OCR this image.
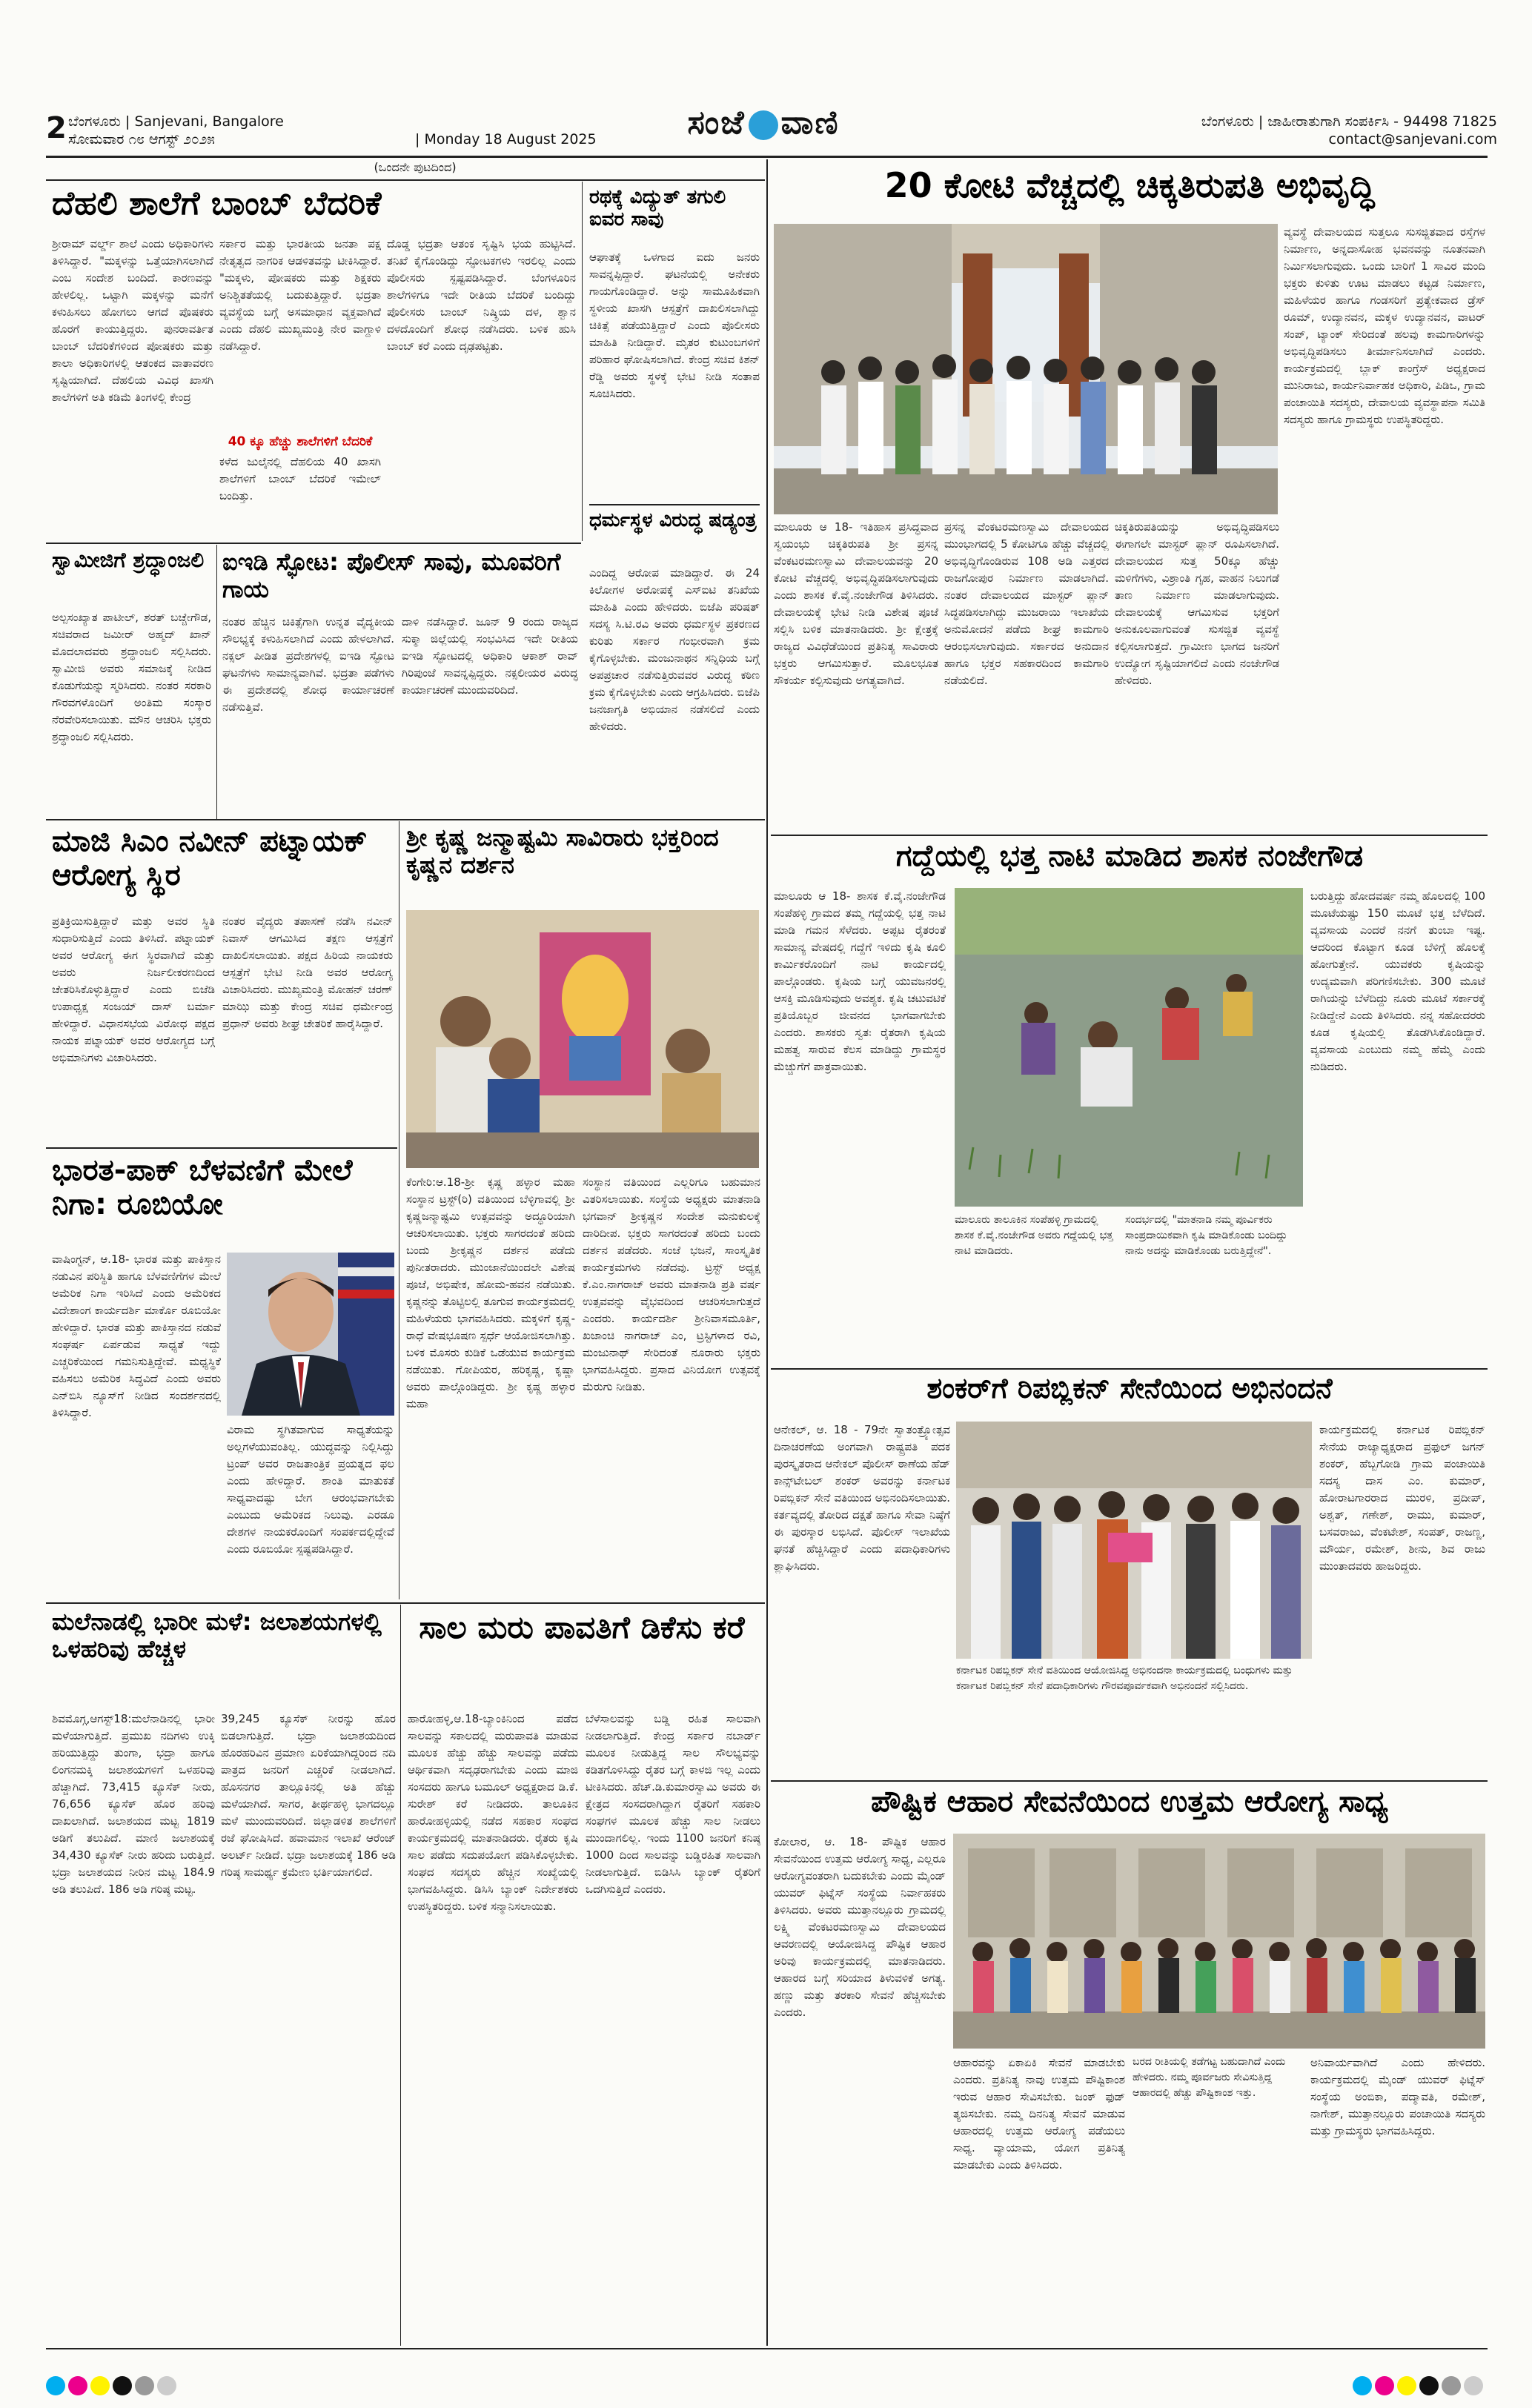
2 ಬೆಂಗಳೂರು | Sanjevani, Bangalore
ಸೋಮವಾರ ೧೮ ಆಗಸ್ಟ್ ೨೦೨೫	| Monday 18 August 2025	ಸಂಜೆ ವಾಣಿ	ಬೆಂಗಳೂರು | ಜಾಹೀರಾತುಗಾಗಿ ಸಂಪರ್ಕಿಸಿ - 94498 71825
contact@sanjevani.com
(ಒಂದನೇ ಪುಟದಿಂದ)
ದೆಹಲಿ ಶಾಲೆಗೆ ಬಾಂಬ್ ಬೆದರಿಕೆ
ಶ್ರೀರಾಮ್ ವರ್ಲ್ಡ್ ಶಾಲೆ ಎಂದು ಅಧಿಕಾರಿಗಳು ತಿಳಿಸಿದ್ದಾರೆ. "ಮಕ್ಕಳನ್ನು ಒತ್ತೆಯಾಗಿಸಲಾಗಿದೆ ಎಂಬ ಸಂದೇಶ ಬಂದಿದೆ. ಕಾರಣವನ್ನು ಹೇಳಲಿಲ್ಲ. ಒಟ್ಟಾಗಿ ಮಕ್ಕಳನ್ನು ಮನೆಗೆ ಕಳುಹಿಸಲು ಹೋಗಲು ಆಗದೆ ಪೊಷಕರು ಹೊರಗೆ ಕಾಯುತ್ತಿದ್ದರು. ಪುನರಾವರ್ತಿತ ಬಾಂಬ್ ಬೆದರಿಕೆಗಳಿಂದ ಪೋಷಕರು ಮತ್ತು ಶಾಲಾ ಅಧಿಕಾರಿಗಳಲ್ಲಿ ಆತಂಕದ ವಾತಾವರಣ ಸೃಷ್ಟಿಯಾಗಿದೆ. ದೆಹಲಿಯ ವಿವಿಧ ಖಾಸಗಿ ಶಾಲೆಗಳಿಗೆ ಅತಿ ಕಡಿಮೆ ತಿಂಗಳಲ್ಲಿ ಕೇಂದ್ರ
ಸರ್ಕಾರ ಮತ್ತು ಭಾರತೀಯ ಜನತಾ ಪಕ್ಷ ನೇತೃತ್ವದ ನಾಗರಿಕ ಆಡಳಿತವನ್ನು ಟೀಕಿಸಿದ್ದಾರೆ. "ಮಕ್ಕಳು, ಪೋಷಕರು ಮತ್ತು ಶಿಕ್ಷಕರು ಅನಿಶ್ಚಿತತೆಯಲ್ಲಿ ಬದುಕುತ್ತಿದ್ದಾರೆ. ಭದ್ರತಾ ವ್ಯವಸ್ಥೆಯ ಬಗ್ಗೆ ಅಸಮಾಧಾನ ವ್ಯಕ್ತವಾಗಿದೆ ಎಂದು ದೆಹಲಿ ಮುಖ್ಯಮಂತ್ರಿ ನೇರ ವಾಗ್ದಾಳಿ ನಡೆಸಿದ್ದಾರೆ.
40 ಕ್ಕೂ ಹೆಚ್ಚು ಶಾಲೆಗಳಿಗೆ ಬೆದರಿಕೆ
ಕಳೆದ ಜುಲೈನಲ್ಲಿ ದೆಹಲಿಯ 40 ಖಾಸಗಿ ಶಾಲೆಗಳಿಗೆ ಬಾಂಬ್ ಬೆದರಿಕೆ ಇಮೇಲ್ ಬಂದಿತ್ತು.
ದೊಡ್ಡ ಭದ್ರತಾ ಆತಂಕ ಸೃಷ್ಟಿಸಿ ಭಯ ಹುಟ್ಟಿಸಿದೆ. ತನಿಖೆ ಕೈಗೊಂಡಿದ್ದು ಸ್ಫೋಟಕಗಳು ಇರಲಿಲ್ಲ ಎಂದು ಪೊಲೀಸರು ಸ್ಪಷ್ಟಪಡಿಸಿದ್ದಾರೆ. ಬೆಂಗಳೂರಿನ ಶಾಲೆಗಳಿಗೂ ಇದೇ ರೀತಿಯ ಬೆದರಿಕೆ ಬಂದಿದ್ದು ಪೊಲೀಸರು ಬಾಂಬ್ ನಿಷ್ಕ್ರಿಯ ದಳ, ಶ್ವಾನ ದಳದೊಂದಿಗೆ ಶೋಧ ನಡೆಸಿದರು. ಬಳಿಕ ಹುಸಿ ಬಾಂಬ್ ಕರೆ ಎಂದು ದೃಢಪಟ್ಟಿತು.
ರಥಕ್ಕೆ ವಿದ್ಯುತ್ ತಗುಲಿ ಐವರ ಸಾವು
ಆಘಾತಕ್ಕೆ ಒಳಗಾದ ಐದು ಜನರು ಸಾವನ್ನಪ್ಪಿದ್ದಾರೆ. ಘಟನೆಯಲ್ಲಿ ಅನೇಕರು ಗಾಯಗೊಂಡಿದ್ದಾರೆ. ಅನ್ನು ಸಾಮೂಹಿಕವಾಗಿ ಸ್ಥಳೀಯ ಖಾಸಗಿ ಆಸ್ಪತ್ರೆಗೆ ದಾಖಲಿಸಲಾಗಿದ್ದು ಚಿಕಿತ್ಸೆ ಪಡೆಯುತ್ತಿದ್ದಾರೆ ಎಂದು ಪೊಲೀಸರು ಮಾಹಿತಿ ನೀಡಿದ್ದಾರೆ. ಮೃತರ ಕುಟುಂಬಗಳಿಗೆ ಪರಿಹಾರ ಘೋಷಿಸಲಾಗಿದೆ. ಕೇಂದ್ರ ಸಚಿವ ಕಿಶನ್ ರೆಡ್ಡಿ ಅವರು ಸ್ಥಳಕ್ಕೆ ಭೇಟಿ ನೀಡಿ ಸಂತಾಪ ಸೂಚಿಸಿದರು.
ಧರ್ಮಸ್ಥಳ ವಿರುದ್ಧ ಷಡ್ಯಂತ್ರ
ಎಂದಿದ್ದ ಆರೋಪ ಮಾಡಿದ್ದಾರೆ. ಈ 24 ಕಿಲೋಗಳ ಅರೋಪಕ್ಕೆ ಎಸ್‌ಐಟಿ ತನಿಖೆಯ ಮಾಹಿತಿ ಎಂದು ಹೇಳಿದರು. ಬಿಜೆಪಿ ಪರಿಷತ್ ಸದಸ್ಯ ಸಿ.ಟಿ.ರವಿ ಅವರು ಧರ್ಮಸ್ಥಳ ಪ್ರಕರಣದ ಕುರಿತು ಸರ್ಕಾರ ಗಂಭೀರವಾಗಿ ಕ್ರಮ ಕೈಗೊಳ್ಳಬೇಕು. ಮಂಜುನಾಥನ ಸನ್ನಿಧಿಯ ಬಗ್ಗೆ ಅಪಪ್ರಚಾರ ನಡೆಸುತ್ತಿರುವವರ ವಿರುದ್ಧ ಕಠಿಣ ಕ್ರಮ ಕೈಗೊಳ್ಳಬೇಕು ಎಂದು ಆಗ್ರಹಿಸಿದರು. ಬಿಜೆಪಿ ಜನಜಾಗೃತಿ ಅಭಿಯಾನ ನಡೆಸಲಿದೆ ಎಂದು ಹೇಳಿದರು.
ಸ್ವಾಮೀಜಿಗೆ ಶ್ರದ್ಧಾಂಜಲಿ
ಅಲ್ಪಸಂಖ್ಯಾತ ಪಾಟೀಲ್, ಶರತ್ ಬಚ್ಚೇಗೌಡ, ಸಚಿವರಾದ ಜಮೀರ್ ಅಹ್ಮದ್ ಖಾನ್ ಮೊದಲಾದವರು ಶ್ರದ್ಧಾಂಜಲಿ ಸಲ್ಲಿಸಿದರು. ಸ್ವಾಮೀಜಿ ಅವರು ಸಮಾಜಕ್ಕೆ ನೀಡಿದ ಕೊಡುಗೆಯನ್ನು ಸ್ಮರಿಸಿದರು. ನಂತರ ಸರಕಾರಿ ಗೌರವಗಳೊಂದಿಗೆ ಅಂತಿಮ ಸಂಸ್ಕಾರ ನೆರವೇರಿಸಲಾಯಿತು. ಮೌನ ಆಚರಿಸಿ ಭಕ್ತರು ಶ್ರದ್ಧಾಂಜಲಿ ಸಲ್ಲಿಸಿದರು.
ಐಇಡಿ ಸ್ಫೋಟ: ಪೊಲೀಸ್ ಸಾವು, ಮೂವರಿಗೆ ಗಾಯ
ನಂತರ ಹೆಚ್ಚಿನ ಚಿಕಿತ್ಸೆಗಾಗಿ ಉನ್ನತ ವೈದ್ಯಕೀಯ ಸೌಲಭ್ಯಕ್ಕೆ ಕಳುಹಿಸಲಾಗಿದೆ ಎಂದು ಹೇಳಲಾಗಿದೆ. ನಕ್ಸಲ್ ಪೀಡಿತ ಪ್ರದೇಶಗಳಲ್ಲಿ ಐಇಡಿ ಸ್ಫೋಟ ಘಟನೆಗಳು ಸಾಮಾನ್ಯವಾಗಿವೆ. ಭದ್ರತಾ ಪಡೆಗಳು ಈ ಪ್ರದೇಶದಲ್ಲಿ ಶೋಧ ಕಾರ್ಯಾಚರಣೆ ನಡೆಸುತ್ತಿವೆ.
ದಾಳಿ ನಡೆಸಿದ್ದಾರೆ. ಜೂನ್ 9 ರಂದು ರಾಜ್ಯದ ಸುಕ್ಮಾ ಜಿಲ್ಲೆಯಲ್ಲಿ ಸಂಭವಿಸಿದ ಇದೇ ರೀತಿಯ ಐಇಡಿ ಸ್ಫೋಟದಲ್ಲಿ ಅಧಿಕಾರಿ ಆಕಾಶ್ ರಾವ್ ಗಿರಿಪುಂಜೆ ಸಾವನ್ನಪ್ಪಿದ್ದರು. ನಕ್ಸಲೀಯರ ವಿರುದ್ಧ ಕಾರ್ಯಾಚರಣೆ ಮುಂದುವರಿದಿದೆ.
ಮಾಜಿ ಸಿಎಂ ನವೀನ್ ಪಟ್ನಾಯಕ್ ಆರೋಗ್ಯ ಸ್ಥಿರ
ಪ್ರತಿಕ್ರಿಯಿಸುತ್ತಿದ್ದಾರೆ ಮತ್ತು ಅವರ ಸ್ಥಿತಿ ಸುಧಾರಿಸುತ್ತಿದೆ ಎಂದು ತಿಳಿಸಿದೆ. ಪಟ್ನಾಯಕ್ ಅವರ ಆರೋಗ್ಯ ಈಗ ಸ್ಥಿರವಾಗಿದೆ ಮತ್ತು ಅವರು ನಿರ್ಜಲೀಕರಣದಿಂದ ಚೇತರಿಸಿಕೊಳ್ಳುತ್ತಿದ್ದಾರೆ ಎಂದು ಬಿಜೆಡಿ ಉಪಾಧ್ಯಕ್ಷ ಸಂಜಯ್ ದಾಸ್ ಬರ್ಮಾ ಹೇಳಿದ್ದಾರೆ. ವಿಧಾನಸಭೆಯ ವಿರೋಧ ಪಕ್ಷದ ನಾಯಕ ಪಟ್ನಾಯಕ್ ಅವರ ಆರೋಗ್ಯದ ಬಗ್ಗೆ ಅಭಿಮಾನಿಗಳು ವಿಚಾರಿಸಿದರು.
ನಂತರ ವೈದ್ಯರು ತಪಾಸಣೆ ನಡೆಸಿ ನವೀನ್ ನಿವಾಸ್ ಆಗಮಿಸಿದ ತಕ್ಷಣ ಆಸ್ಪತ್ರೆಗೆ ದಾಖಲಿಸಲಾಯಿತು. ಪಕ್ಷದ ಹಿರಿಯ ನಾಯಕರು ಆಸ್ಪತ್ರೆಗೆ ಭೇಟಿ ನೀಡಿ ಅವರ ಆರೋಗ್ಯ ವಿಚಾರಿಸಿದರು. ಮುಖ್ಯಮಂತ್ರಿ ಮೋಹನ್ ಚರಣ್ ಮಾಝಿ ಮತ್ತು ಕೇಂದ್ರ ಸಚಿವ ಧರ್ಮೇಂದ್ರ ಪ್ರಧಾನ್ ಅವರು ಶೀಘ್ರ ಚೇತರಿಕೆ ಹಾರೈಸಿದ್ದಾರೆ.
ಶ್ರೀ ಕೃಷ್ಣ ಜನ್ಮಾಷ್ಟಮಿ ಸಾವಿರಾರು ಭಕ್ತರಿಂದ ಕೃಷ್ಣನ ದರ್ಶನ
ಕೆಂಗೇರಿ:ಆ.18-ಶ್ರೀ ಕೃಷ್ಣ ಹಳ್ಳಾರ ಮಹಾ ಸಂಸ್ಥಾನ ಟ್ರಸ್ಟ್(ರಿ) ವತಿಯಿಂದ ಬೆಳ್ಳಿಗಾವಲ್ಲಿ ಶ್ರೀ ಕೃಷ್ಣಜನ್ಮಾಷ್ಟಮಿ ಉತ್ಸವವನ್ನು ಅದ್ಧೂರಿಯಾಗಿ ಆಚರಿಸಲಾಯಿತು. ಭಕ್ತರು ಸಾಗರದಂತೆ ಹರಿದು ಬಂದು ಶ್ರೀಕೃಷ್ಣನ ದರ್ಶನ ಪಡೆದು ಪುನೀತರಾದರು. ಮುಂಜಾನೆಯಿಂದಲೇ ವಿಶೇಷ ಪೂಜೆ, ಅಭಿಷೇಕ, ಹೋಮ-ಹವನ ನಡೆಯಿತು. ಕೃಷ್ಣನನ್ನು ತೊಟ್ಟಿಲಲ್ಲಿ ತೂಗುವ ಕಾರ್ಯಕ್ರಮದಲ್ಲಿ ಮಹಿಳೆಯರು ಭಾಗವಹಿಸಿದರು. ಮಕ್ಕಳಿಗೆ ಕೃಷ್ಣ-ರಾಧೆ ವೇಷಭೂಷಣ ಸ್ಪರ್ಧೆ ಆಯೋಜಿಸಲಾಗಿತ್ತು. ಬಳಿಕ ಮೊಸರು ಕುಡಿಕೆ ಒಡೆಯುವ ಕಾರ್ಯಕ್ರಮ ನಡೆಯಿತು. ಗೋಪಿಯರ, ಹರಿಕೃಷ್ಣ, ಕೃಷ್ಣಾ ಅವರು ಪಾಲ್ಗೊಂಡಿದ್ದರು. ಶ್ರೀ ಕೃಷ್ಣ ಹಳ್ಳಾರ ಮಹಾ
ಸಂಸ್ಥಾನ ವತಿಯಿಂದ ಎಲ್ಲರಿಗೂ ಬಹುಮಾನ ವಿತರಿಸಲಾಯಿತು. ಸಂಸ್ಥೆಯ ಅಧ್ಯಕ್ಷರು ಮಾತನಾಡಿ ಭಗವಾನ್ ಶ್ರೀಕೃಷ್ಣನ ಸಂದೇಶ ಮನುಕುಲಕ್ಕೆ ದಾರಿದೀಪ. ಭಕ್ತರು ಸಾಗರದಂತೆ ಹರಿದು ಬಂದು ದರ್ಶನ ಪಡೆದರು. ಸಂಜೆ ಭಜನೆ, ಸಾಂಸ್ಕೃತಿಕ ಕಾರ್ಯಕ್ರಮಗಳು ನಡೆದವು. ಟ್ರಸ್ಟ್ ಅಧ್ಯಕ್ಷ ಕೆ.ಎಂ.ನಾಗರಾಜ್ ಅವರು ಮಾತನಾಡಿ ಪ್ರತಿ ವರ್ಷ ಉತ್ಸವವನ್ನು ವೈಭವದಿಂದ ಆಚರಿಸಲಾಗುತ್ತದೆ ಎಂದರು. ಕಾರ್ಯದರ್ಶಿ ಶ್ರೀನಿವಾಸಮೂರ್ತಿ, ಖಜಾಂಚಿ ನಾಗರಾಜ್ ಎಂ, ಟ್ರಸ್ಟಿಗಳಾದ ರವಿ, ಮಂಜುನಾಥ್ ಸೇರಿದಂತೆ ನೂರಾರು ಭಕ್ತರು ಭಾಗವಹಿಸಿದ್ದರು. ಪ್ರಸಾದ ವಿನಿಯೋಗ ಉತ್ಸವಕ್ಕೆ ಮೆರುಗು ನೀಡಿತು.
ಭಾರತ-ಪಾಕ್ ಬೆಳವಣಿಗೆ ಮೇಲೆ ನಿಗಾ: ರೂಬಿಯೋ
ವಾಷಿಂಗ್ಟನ್, ಆ.18- ಭಾರತ ಮತ್ತು ಪಾಕಿಸ್ತಾನ ನಡುವಿನ ಪರಿಸ್ಥಿತಿ ಹಾಗೂ ಬೆಳವಣಿಗೆಗಳ ಮೇಲೆ ಅಮೆರಿಕ ನಿಗಾ ಇರಿಸಿದೆ ಎಂದು ಅಮೆರಿಕದ ವಿದೇಶಾಂಗ ಕಾರ್ಯದರ್ಶಿ ಮಾರ್ಕೊ ರೂಬಿಯೋ ಹೇಳಿದ್ದಾರೆ. ಭಾರತ ಮತ್ತು ಪಾಕಿಸ್ತಾನದ ನಡುವೆ ಸಂಘರ್ಷ ಏರ್ಪಡುವ ಸಾಧ್ಯತೆ ಇದ್ದು ಎಚ್ಚರಿಕೆಯಿಂದ ಗಮನಿಸುತ್ತಿದ್ದೇವೆ. ಮಧ್ಯಸ್ಥಿಕೆ ವಹಿಸಲು ಅಮೆರಿಕ ಸಿದ್ಧವಿದೆ ಎಂದು ಅವರು ಎನ್‌ಬಿಸಿ ನ್ಯೂಸ್‌ಗೆ ನೀಡಿದ ಸಂದರ್ಶನದಲ್ಲಿ ತಿಳಿಸಿದ್ದಾರೆ.
ವಿರಾಮ ಸ್ಥಗಿತವಾಗುವ ಸಾಧ್ಯತೆಯನ್ನು ಅಲ್ಲಗಳೆಯುವಂತಿಲ್ಲ. ಯುದ್ಧವನ್ನು ನಿಲ್ಲಿಸಿದ್ದು ಟ್ರಂಪ್ ಅವರ ರಾಜತಾಂತ್ರಿಕ ಪ್ರಯತ್ನದ ಫಲ ಎಂದು ಹೇಳಿದ್ದಾರೆ. ಶಾಂತಿ ಮಾತುಕತೆ ಸಾಧ್ಯವಾದಷ್ಟು ಬೇಗ ಆರಂಭವಾಗಬೇಕು ಎಂಬುದು ಅಮೆರಿಕದ ನಿಲುವು. ಎರಡೂ ದೇಶಗಳ ನಾಯಕರೊಂದಿಗೆ ಸಂಪರ್ಕದಲ್ಲಿದ್ದೇವೆ ಎಂದು ರೂಬಿಯೋ ಸ್ಪಷ್ಟಪಡಿಸಿದ್ದಾರೆ.
ಮಲೆನಾಡಲ್ಲಿ ಭಾರೀ ಮಳೆ: ಜಲಾಶಯಗಳಲ್ಲಿ ಒಳಹರಿವು ಹೆಚ್ಚಳ
ಶಿವಮೊಗ್ಗ,ಆಗಸ್ಟ್18:ಮಲೆನಾಡಿನಲ್ಲಿ ಭಾರೀ ಮಳೆಯಾಗುತ್ತಿದೆ. ಪ್ರಮುಖ ನದಿಗಳು ಉಕ್ಕಿ ಹರಿಯುತ್ತಿದ್ದು ತುಂಗಾ, ಭದ್ರಾ ಹಾಗೂ ಲಿಂಗನಮಕ್ಕಿ ಜಲಾಶಯಗಳಿಗೆ ಒಳಹರಿವು ಹೆಚ್ಚಾಗಿದೆ. 73,415 ಕ್ಯೂಸೆಕ್ ನೀರು, 76,656 ಕ್ಯೂಸೆಕ್ ಹೊರ ಹರಿವು ದಾಖಲಾಗಿದೆ. ಜಲಾಶಯದ ಮಟ್ಟ 1819 ಅಡಿಗೆ ತಲುಪಿದೆ. ಮಾಣಿ ಜಲಾಶಯಕ್ಕೆ 34,430 ಕ್ಯೂಸೆಕ್ ನೀರು ಹರಿದು ಬರುತ್ತಿದೆ. ಭದ್ರಾ ಜಲಾಶಯದ ನೀರಿನ ಮಟ್ಟ 184.9 ಅಡಿ ತಲುಪಿದೆ. 186 ಅಡಿ ಗರಿಷ್ಠ ಮಟ್ಟ.
39,245 ಕ್ಯೂಸೆಕ್ ನೀರನ್ನು ಹೊರ ಬಿಡಲಾಗುತ್ತಿದೆ. ಭದ್ರಾ ಜಲಾಶಯದಿಂದ ಹೊರಹರಿವಿನ ಪ್ರಮಾಣ ಏರಿಕೆಯಾಗಿದ್ದರಿಂದ ನದಿ ಪಾತ್ರದ ಜನರಿಗೆ ಎಚ್ಚರಿಕೆ ನೀಡಲಾಗಿದೆ. ಹೊಸನಗರ ತಾಲ್ಲೂಕಿನಲ್ಲಿ ಅತಿ ಹೆಚ್ಚು ಮಳೆಯಾಗಿದೆ. ಸಾಗರ, ತೀರ್ಥಹಳ್ಳಿ ಭಾಗದಲ್ಲೂ ಮಳೆ ಮುಂದುವರಿದಿದೆ. ಜಿಲ್ಲಾಡಳಿತ ಶಾಲೆಗಳಿಗೆ ರಜೆ ಘೋಷಿಸಿದೆ. ಹವಾಮಾನ ಇಲಾಖೆ ಆರೆಂಜ್ ಅಲರ್ಟ್ ನೀಡಿದೆ. ಭದ್ರಾ ಜಲಾಶಯಕ್ಕೆ 186 ಅಡಿ ಗರಿಷ್ಠ ಸಾಮರ್ಥ್ಯ ಕ್ರಮೇಣ ಭರ್ತಿಯಾಗಲಿದೆ.
ಸಾಲ ಮರು ಪಾವತಿಗೆ ಡಿಕೆಸು ಕರೆ
ಹಾರೋಹಳ್ಳಿ,ಆ.18-ಬ್ಯಾಂಕಿನಿಂದ ಪಡೆದ ಸಾಲವನ್ನು ಸಕಾಲದಲ್ಲಿ ಮರುಪಾವತಿ ಮಾಡುವ ಮೂಲಕ ಹೆಚ್ಚು ಹೆಚ್ಚು ಸಾಲವನ್ನು ಪಡೆದು ಆರ್ಥಿಕವಾಗಿ ಸದೃಢರಾಗಬೇಕು ಎಂದು ಮಾಜಿ ಸಂಸದರು ಹಾಗೂ ಬಮೂಲ್ ಅಧ್ಯಕ್ಷರಾದ ಡಿ.ಕೆ. ಸುರೇಶ್ ಕರೆ ನೀಡಿದರು. ತಾಲೂಕಿನ ಹಾರೋಹಳ್ಳಿಯಲ್ಲಿ ನಡೆದ ಸಹಕಾರ ಸಂಘದ ಕಾರ್ಯಕ್ರಮದಲ್ಲಿ ಮಾತನಾಡಿದರು. ರೈತರು ಕೃಷಿ ಸಾಲ ಪಡೆದು ಸದುಪಯೋಗ ಪಡಿಸಿಕೊಳ್ಳಬೇಕು. ಸಂಘದ ಸದಸ್ಯರು ಹೆಚ್ಚಿನ ಸಂಖ್ಯೆಯಲ್ಲಿ ಭಾಗವಹಿಸಿದ್ದರು. ಡಿಸಿಸಿ ಬ್ಯಾಂಕ್ ನಿರ್ದೇಶಕರು ಉಪಸ್ಥಿತರಿದ್ದರು. ಬಳಿಕ ಸನ್ಮಾನಿಸಲಾಯಿತು.
ಬೆಳೆಸಾಲವನ್ನು ಬಡ್ಡಿ ರಹಿತ ಸಾಲವಾಗಿ ನೀಡಲಾಗುತ್ತಿದೆ. ಕೇಂದ್ರ ಸರ್ಕಾರ ನಬಾರ್ಡ್ ಮೂಲಕ ನೀಡುತ್ತಿದ್ದ ಸಾಲ ಸೌಲಭ್ಯವನ್ನು ಕಡಿತಗೊಳಿಸಿದ್ದು ರೈತರ ಬಗ್ಗೆ ಕಾಳಜಿ ಇಲ್ಲ ಎಂದು ಟೀಕಿಸಿದರು. ಹೆಚ್.ಡಿ.ಕುಮಾರಸ್ವಾಮಿ ಅವರು ಈ ಕ್ಷೇತ್ರದ ಸಂಸದರಾಗಿದ್ದಾಗ ರೈತರಿಗೆ ಸಹಕಾರಿ ಸಂಘಗಳ ಮೂಲಕ ಹೆಚ್ಚು ಸಾಲ ನೀಡಲು ಮುಂದಾಗಲಿಲ್ಲ. ಇಂದು 1100 ಜನರಿಗೆ ಕನಿಷ್ಠ 1000 ದಿಂದ ಸಾಲವನ್ನು ಬಡ್ಡಿರಹಿತ ಸಾಲವಾಗಿ ನೀಡಲಾಗುತ್ತಿದೆ. ಬಿಡಿಸಿಸಿ ಬ್ಯಾಂಕ್ ರೈತರಿಗೆ ಒದಗಿಸುತ್ತಿದೆ ಎಂದರು.
20 ಕೋಟಿ ವೆಚ್ಚದಲ್ಲಿ ಚಿಕ್ಕತಿರುಪತಿ ಅಭಿವೃದ್ಧಿ
ವ್ಯವಸ್ಥೆ ದೇವಾಲಯದ ಸುತ್ತಲೂ ಸುಸಜ್ಜಿತವಾದ ರಸ್ತೆಗಳ ನಿರ್ಮಾಣ, ಅನ್ನದಾಸೋಹ ಭವನವನ್ನು ನೂತನವಾಗಿ ನಿರ್ಮಿಸಲಾಗುವುದು. ಒಂದು ಬಾರಿಗೆ 1 ಸಾವಿರ ಮಂದಿ ಭಕ್ತರು ಕುಳಿತು ಊಟ ಮಾಡಲು ಕಟ್ಟಡ ನಿರ್ಮಾಣ, ಮಹಿಳೆಯರ ಹಾಗೂ ಗಂಡಸರಿಗೆ ಪ್ರತ್ಯೇಕವಾದ ಡ್ರೆಸ್ ರೂಮ್, ಉದ್ಯಾನವನ, ಮಕ್ಕಳ ಉದ್ಯಾನವನ, ವಾಟರ್ ಸಂಪ್, ಟ್ಯಾಂಕ್ ಸೇರಿದಂತೆ ಹಲವು ಕಾಮಗಾರಿಗಳನ್ನು ಅಭಿವೃದ್ಧಿಪಡಿಸಲು ತೀರ್ಮಾನಿಸಲಾಗಿದೆ ಎಂದರು. ಕಾರ್ಯಕ್ರಮದಲ್ಲಿ ಬ್ಲಾಕ್ ಕಾಂಗ್ರೆಸ್ ಅಧ್ಯಕ್ಷರಾದ ಮುನಿರಾಜು, ಕಾರ್ಯನಿರ್ವಾಹಕ ಅಧಿಕಾರಿ, ಪಿಡಿಒ, ಗ್ರಾಮ ಪಂಚಾಯಿತಿ ಸದಸ್ಯರು, ದೇವಾಲಯ ವ್ಯವಸ್ಥಾಪನಾ ಸಮಿತಿ ಸದಸ್ಯರು ಹಾಗೂ ಗ್ರಾಮಸ್ಥರು ಉಪಸ್ಥಿತರಿದ್ದರು.
ಮಾಲೂರು ಆ 18- ಇತಿಹಾಸ ಪ್ರಸಿದ್ಧವಾದ ಸ್ವಯಂಭು ಚಿಕ್ಕತಿರುಪತಿ ಶ್ರೀ ಪ್ರಸನ್ನ ವೆಂಕಟರಮಣಸ್ವಾಮಿ ದೇವಾಲಯವನ್ನು 20 ಕೋಟಿ ವೆಚ್ಚದಲ್ಲಿ ಅಭಿವೃದ್ಧಿಪಡಿಸಲಾಗುವುದು ಎಂದು ಶಾಸಕ ಕೆ.ವೈ.ನಂಜೇಗೌಡ ತಿಳಿಸಿದರು. ದೇವಾಲಯಕ್ಕೆ ಭೇಟಿ ನೀಡಿ ವಿಶೇಷ ಪೂಜೆ ಸಲ್ಲಿಸಿ ಬಳಿಕ ಮಾತನಾಡಿದರು. ಶ್ರೀ ಕ್ಷೇತ್ರಕ್ಕೆ ರಾಜ್ಯದ ವಿವಿಧೆಡೆಯಿಂದ ಪ್ರತಿನಿತ್ಯ ಸಾವಿರಾರು ಭಕ್ತರು ಆಗಮಿಸುತ್ತಾರೆ. ಮೂಲಭೂತ ಸೌಕರ್ಯ ಕಲ್ಪಿಸುವುದು ಅಗತ್ಯವಾಗಿದೆ.
ಪ್ರಸನ್ನ ವೆಂಕಟರಮಣಸ್ವಾಮಿ ದೇವಾಲಯದ ಮುಂಭಾಗದಲ್ಲಿ 5 ಕೋಟಿಗೂ ಹೆಚ್ಚು ವೆಚ್ಚದಲ್ಲಿ ಅಭಿವೃದ್ಧಿಗೊಂಡಿರುವ 108 ಅಡಿ ಎತ್ತರದ ರಾಜಗೋಪುರ ನಿರ್ಮಾಣ ಮಾಡಲಾಗಿದೆ. ನಂತರ ದೇವಾಲಯದ ಮಾಸ್ಟರ್ ಪ್ಲಾನ್ ಸಿದ್ಧಪಡಿಸಲಾಗಿದ್ದು ಮುಜರಾಯಿ ಇಲಾಖೆಯ ಅನುಮೋದನೆ ಪಡೆದು ಶೀಘ್ರ ಕಾಮಗಾರಿ ಆರಂಭಿಸಲಾಗುವುದು. ಸರ್ಕಾರದ ಅನುದಾನ ಹಾಗೂ ಭಕ್ತರ ಸಹಕಾರದಿಂದ ಕಾಮಗಾರಿ ನಡೆಯಲಿದೆ.
ಚಿಕ್ಕತಿರುಪತಿಯನ್ನು ಅಭಿವೃದ್ಧಿಪಡಿಸಲು ಈಗಾಗಲೇ ಮಾಸ್ಟರ್ ಪ್ಲಾನ್ ರೂಪಿಸಲಾಗಿದೆ. ದೇವಾಲಯದ ಸುತ್ತ 50ಕ್ಕೂ ಹೆಚ್ಚು ಮಳಿಗೆಗಳು, ವಿಶ್ರಾಂತಿ ಗೃಹ, ವಾಹನ ನಿಲುಗಡೆ ತಾಣ ನಿರ್ಮಾಣ ಮಾಡಲಾಗುವುದು. ದೇವಾಲಯಕ್ಕೆ ಆಗಮಿಸುವ ಭಕ್ತರಿಗೆ ಅನುಕೂಲವಾಗುವಂತೆ ಸುಸಜ್ಜಿತ ವ್ಯವಸ್ಥೆ ಕಲ್ಪಿಸಲಾಗುತ್ತದೆ. ಗ್ರಾಮೀಣ ಭಾಗದ ಜನರಿಗೆ ಉದ್ಯೋಗ ಸೃಷ್ಟಿಯಾಗಲಿದೆ ಎಂದು ನಂಜೇಗೌಡ ಹೇಳಿದರು.
ಗದ್ದೆಯಲ್ಲಿ ಭತ್ತ ನಾಟಿ ಮಾಡಿದ ಶಾಸಕ ನಂಜೇಗೌಡ
ಮಾಲೂರು ಆ 18- ಶಾಸಕ ಕೆ.ವೈ.ನಂಜೇಗೌಡ ಸಂಪೆಹಳ್ಳಿ ಗ್ರಾಮದ ತಮ್ಮ ಗದ್ದೆಯಲ್ಲಿ ಭತ್ತ ನಾಟಿ ಮಾಡಿ ಗಮನ ಸೆಳೆದರು. ಅಪ್ಪಟ ರೈತರಂತೆ ಸಾಮಾನ್ಯ ವೇಷದಲ್ಲಿ ಗದ್ದೆಗೆ ಇಳಿದು ಕೃಷಿ ಕೂಲಿ ಕಾರ್ಮಿಕರೊಂದಿಗೆ ನಾಟಿ ಕಾರ್ಯದಲ್ಲಿ ಪಾಲ್ಗೊಂಡರು. ಕೃಷಿಯ ಬಗ್ಗೆ ಯುವಜನರಲ್ಲಿ ಆಸಕ್ತಿ ಮೂಡಿಸುವುದು ಅವಶ್ಯಕ. ಕೃಷಿ ಚಟುವಟಿಕೆ ಪ್ರತಿಯೊಬ್ಬರ ಜೀವನದ ಭಾಗವಾಗಬೇಕು ಎಂದರು. ಶಾಸಕರು ಸ್ವತಃ ರೈತರಾಗಿ ಕೃಷಿಯ ಮಹತ್ವ ಸಾರುವ ಕೆಲಸ ಮಾಡಿದ್ದು ಗ್ರಾಮಸ್ಥರ ಮೆಚ್ಚುಗೆಗೆ ಪಾತ್ರವಾಯಿತು.
ಬರುತ್ತಿದ್ದು ಹೋದವರ್ಷ ನಮ್ಮ ಹೊಲದಲ್ಲಿ 100 ಮೂಟೆಯಷ್ಟು 150 ಮೂಟೆ ಭತ್ತ ಬೆಳೆದಿದೆ. ವ್ಯವಸಾಯ ಎಂದರೆ ನನಗೆ ತುಂಬಾ ಇಷ್ಟ. ಆದರಿಂದ ಕೊಟ್ಟಾಗ ಕೂಡ ಬೆಳಿಗ್ಗೆ ಹೊಲಕ್ಕೆ ಹೋಗುತ್ತೇನೆ. ಯುವಕರು ಕೃಷಿಯನ್ನು ಉದ್ಯಮವಾಗಿ ಪರಿಗಣಿಸಬೇಕು. 300 ಮೂಟೆ ರಾಗಿಯನ್ನು ಬೆಳೆದಿದ್ದು ನೂರು ಮೂಟೆ ಸರ್ಕಾರಕ್ಕೆ ನೀಡಿದ್ದೇನೆ ಎಂದು ತಿಳಿಸಿದರು. ನನ್ನ ಸಹೋದರರು ಕೂಡ ಕೃಷಿಯಲ್ಲಿ ತೊಡಗಿಸಿಕೊಂಡಿದ್ದಾರೆ. ವ್ಯವಸಾಯ ಎಂಬುದು ನಮ್ಮ ಹೆಮ್ಮೆ ಎಂದು ನುಡಿದರು.
ಮಾಲೂರು ತಾಲೂಕಿನ ಸಂಪೆಹಳ್ಳಿ ಗ್ರಾಮದಲ್ಲಿ ಶಾಸಕ ಕೆ.ವೈ.ನಂಜೇಗೌಡ ಅವರು ಗದ್ದೆಯಲ್ಲಿ ಭತ್ತ ನಾಟಿ ಮಾಡಿದರು.
ಸಂದರ್ಭದಲ್ಲಿ "ಮಾತನಾಡಿ ನಮ್ಮ ಪೂರ್ವಿಕರು ಸಾಂಪ್ರದಾಯಿಕವಾಗಿ ಕೃಷಿ ಮಾಡಿಕೊಂಡು ಬಂದಿದ್ದು ನಾನು ಅದನ್ನು ಮಾಡಿಕೊಂಡು ಬರುತ್ತಿದ್ದೇನೆ".
ಶಂಕರ್‌ಗೆ ರಿಪಬ್ಲಿಕನ್ ಸೇನೆಯಿಂದ ಅಭಿನಂದನೆ
ಆನೇಕಲ್, ಆ. 18 - 79ನೇ ಸ್ವಾತಂತ್ರ್ಯೋತ್ಸವ ದಿನಾಚರಣೆಯ ಅಂಗವಾಗಿ ರಾಷ್ಟ್ರಪತಿ ಪದಕ ಪುರಸ್ಕೃತರಾದ ಆನೇಕಲ್ ಪೊಲೀಸ್ ಠಾಣೆಯ ಹೆಡ್ ಕಾನ್ಸ್‌ಟೇಬಲ್ ಶಂಕರ್ ಅವರನ್ನು ಕರ್ನಾಟಕ ರಿಪಬ್ಲಿಕನ್ ಸೇನೆ ವತಿಯಿಂದ ಅಭಿನಂದಿಸಲಾಯಿತು. ಕರ್ತವ್ಯದಲ್ಲಿ ತೋರಿದ ದಕ್ಷತೆ ಹಾಗೂ ಸೇವಾ ನಿಷ್ಠೆಗೆ ಈ ಪುರಸ್ಕಾರ ಲಭಿಸಿದೆ. ಪೊಲೀಸ್ ಇಲಾಖೆಯ ಘನತೆ ಹೆಚ್ಚಿಸಿದ್ದಾರೆ ಎಂದು ಪದಾಧಿಕಾರಿಗಳು ಶ್ಲಾಘಿಸಿದರು.
ಕಾರ್ಯಕ್ರಮದಲ್ಲಿ ಕರ್ನಾಟಕ ರಿಪಬ್ಲಿಕನ್ ಸೇನೆಯ ರಾಜ್ಯಾಧ್ಯಕ್ಷರಾದ ಪ್ರಫುಲ್ ಜಗನ್ ಶಂಕರ್, ಹೆಬ್ಬಗೋಡಿ ಗ್ರಾಮ ಪಂಚಾಯಿತಿ ಸದಸ್ಯ ದಾಸ ಎಂ. ಕುಮಾರ್, ಹೋರಾಟಗಾರರಾದ ಮುರಳಿ, ಪ್ರದೀಪ್, ಅಶ್ವತ್, ಗಣೇಶ್, ರಾಮು, ಕುಮಾರ್, ಬಸವರಾಜು, ವೆಂಕಟೇಶ್, ಸಂಪತ್, ರಾಜಣ್ಣ, ಮೌರ್ಯ, ರಮೇಶ್, ಶೀನು, ಶಿವ ರಾಜು ಮುಂತಾದವರು ಹಾಜರಿದ್ದರು.
ಕರ್ನಾಟಕ ರಿಪಬ್ಲಿಕನ್ ಸೇನೆ ವತಿಯಿಂದ ಆಯೋಜಿಸಿದ್ದ ಅಭಿನಂದನಾ ಕಾರ್ಯಕ್ರಮದಲ್ಲಿ ಬಂಧುಗಳು ಮತ್ತು ಕರ್ನಾಟಕ ರಿಪಬ್ಲಿಕನ್ ಸೇನೆ ಪದಾಧಿಕಾರಿಗಳು ಗೌರವಪೂರ್ವಕವಾಗಿ ಅಭಿನಂದನೆ ಸಲ್ಲಿಸಿದರು.
ಪೌಷ್ಟಿಕ ಆಹಾರ ಸೇವನೆಯಿಂದ ಉತ್ತಮ ಆರೋಗ್ಯ ಸಾಧ್ಯ
ಕೋಲಾರ, ಆ. 18- ಪೌಷ್ಟಿಕ ಆಹಾರ ಸೇವನೆಯಿಂದ ಉತ್ತಮ ಆರೋಗ್ಯ ಸಾಧ್ಯ, ಎಲ್ಲರೂ ಆರೋಗ್ಯವಂತರಾಗಿ ಬದುಕಬೇಕು ಎಂದು ಮೈಂಡ್ ಯುವರ್ ಫಿಟ್ನೆಸ್ ಸಂಸ್ಥೆಯ ನಿರ್ವಾಹಕರು ತಿಳಿಸಿದರು. ಅವರು ಮುತ್ತಾನಲ್ಲೂರು ಗ್ರಾಮದಲ್ಲಿ ಲಕ್ಷ್ಮಿ ವೆಂಕಟರಮಣಸ್ವಾಮಿ ದೇವಾಲಯದ ಆವರಣದಲ್ಲಿ ಆಯೋಜಿಸಿದ್ದ ಪೌಷ್ಟಿಕ ಆಹಾರ ಅರಿವು ಕಾರ್ಯಕ್ರಮದಲ್ಲಿ ಮಾತನಾಡಿದರು. ಆಹಾರದ ಬಗ್ಗೆ ಸರಿಯಾದ ತಿಳುವಳಿಕೆ ಅಗತ್ಯ. ಹಣ್ಣು ಮತ್ತು ತರಕಾರಿ ಸೇವನೆ ಹೆಚ್ಚಿಸಬೇಕು ಎಂದರು.
ಆಹಾರವನ್ನು ಏಕಾಏಕಿ ಸೇವನೆ ಮಾಡಬೇಕು ಎಂದರು. ಪ್ರತಿನಿತ್ಯ ನಾವು ಉತ್ತಮ ಪೌಷ್ಟಿಕಾಂಶ ಇರುವ ಆಹಾರ ಸೇವಿಸಬೇಕು. ಜಂಕ್ ಫುಡ್ ತ್ಯಜಿಸಬೇಕು. ನಮ್ಮ ದಿನನಿತ್ಯ ಸೇವನೆ ಮಾಡುವ ಆಹಾರದಲ್ಲಿ ಉತ್ತಮ ಆರೋಗ್ಯ ಪಡೆಯಲು ಸಾಧ್ಯ. ವ್ಯಾಯಾಮ, ಯೋಗ ಪ್ರತಿನಿತ್ಯ ಮಾಡಬೇಕು ಎಂದು ತಿಳಿಸಿದರು.
ಬರದ ರೀತಿಯಲ್ಲಿ ತಡೆಗಟ್ಟ ಬಹುದಾಗಿದೆ ಎಂದು ಹೇಳಿದರು. ನಮ್ಮ ಪೂರ್ವಜರು ಸೇವಿಸುತ್ತಿದ್ದ ಆಹಾರದಲ್ಲಿ ಹೆಚ್ಚು ಪೌಷ್ಟಿಕಾಂಶ ಇತ್ತು.
ಅನಿವಾರ್ಯವಾಗಿದೆ ಎಂದು ಹೇಳಿದರು. ಕಾರ್ಯಕ್ರಮದಲ್ಲಿ ಮೈಂಡ್ ಯುವರ್ ಫಿಟ್ನೆಸ್ ಸಂಸ್ಥೆಯ ಅಂಬಿಕಾ, ಪದ್ಮಾವತಿ, ರಮೇಶ್, ನಾಗೇಶ್, ಮುತ್ತಾನಲ್ಲೂರು ಪಂಚಾಯಿತಿ ಸದಸ್ಯರು ಮತ್ತು ಗ್ರಾಮಸ್ಥರು ಭಾಗವಹಿಸಿದ್ದರು.
